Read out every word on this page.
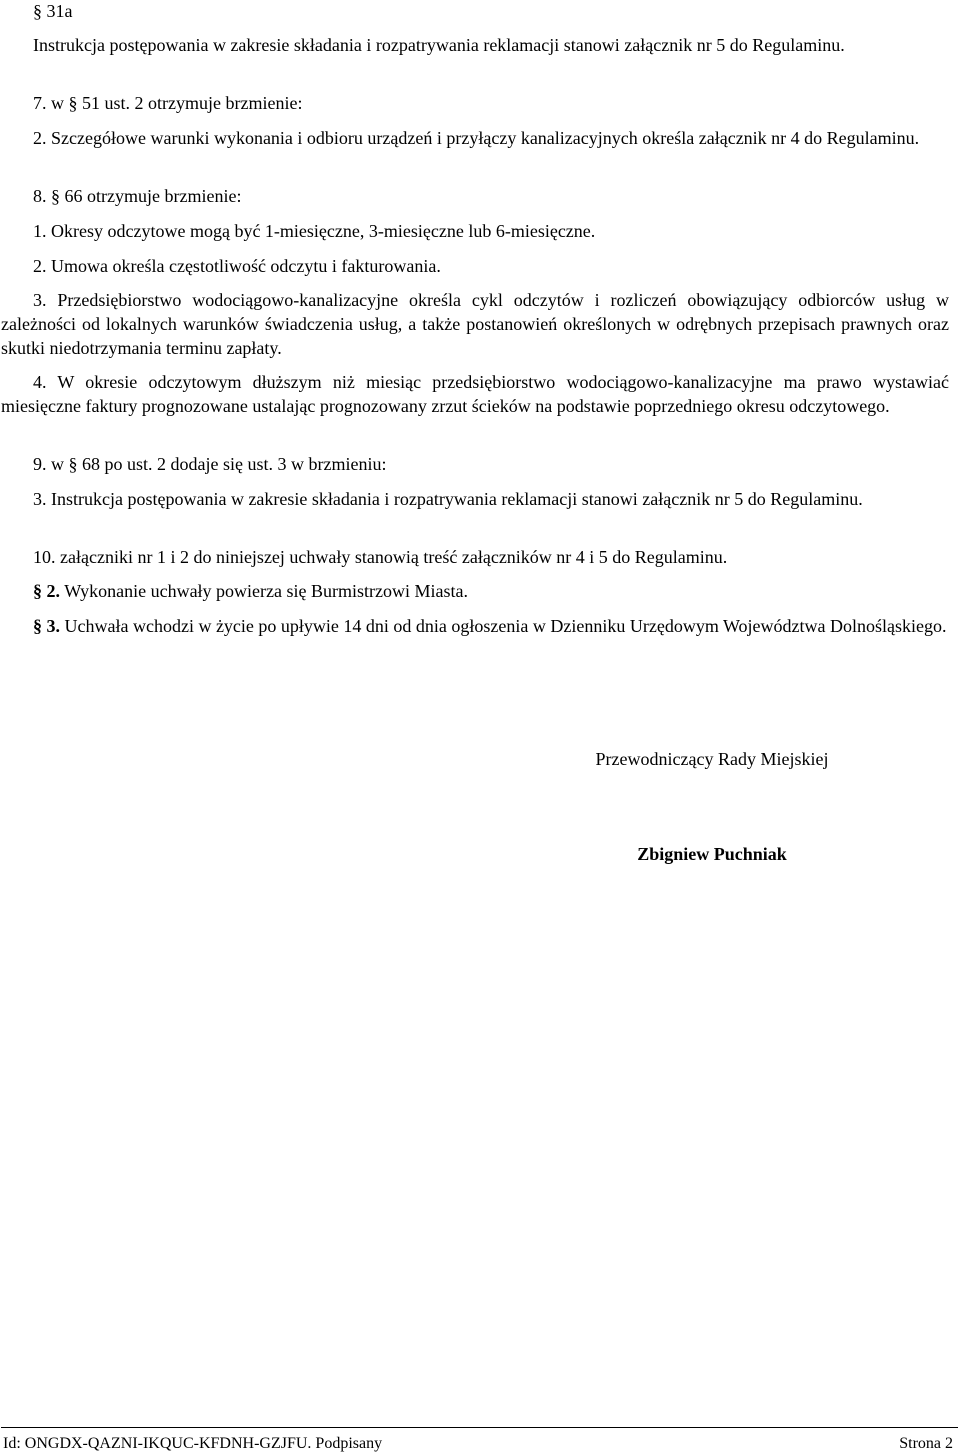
§ 31a

Instrukcja postępowania w zakresie składania i rozpatrywania reklamacji stanowi załącznik nr 5 do Regulaminu.

7. w § 51 ust. 2 otrzymuje brzmienie:

2. Szczegółowe warunki wykonania i odbioru urządzeń i przyłączy kanalizacyjnych określa załącznik nr 4 do Regulaminu.

8. § 66 otrzymuje brzmienie:

1. Okresy odczytowe mogą być 1-miesięczne, 3-miesięczne lub 6-miesięczne.

2. Umowa określa częstotliwość odczytu i fakturowania.

3. Przedsiębiorstwo wodociągowo-kanalizacyjne określa cykl odczytów i rozliczeń obowiązujący odbiorców usług w zależności od lokalnych warunków świadczenia usług, a także postanowień określonych w odrębnych przepisach prawnych oraz skutki niedotrzymania terminu zapłaty.

4. W okresie odczytowym dłuższym niż miesiąc przedsiębiorstwo wodociągowo-kanalizacyjne ma prawo wystawiać miesięczne faktury prognozowane ustalając prognozowany zrzut ścieków na podstawie poprzedniego okresu odczytowego.

9. w § 68 po ust. 2 dodaje się ust. 3 w brzmieniu:

3. Instrukcja postępowania w zakresie składania i rozpatrywania reklamacji stanowi załącznik nr 5 do Regulaminu.

10. załączniki nr 1 i 2 do niniejszej uchwały stanowią treść załączników nr 4 i 5 do Regulaminu.

§ 2. Wykonanie uchwały powierza się Burmistrzowi Miasta.

§ 3. Uchwała wchodzi w życie po upływie 14 dni od dnia ogłoszenia w Dzienniku Urzędowym Województwa Dolnośląskiego.

Przewodniczący Rady Miejskiej

Zbigniew Puchniak

Id: ONGDX-QAZNI-IKQUC-KFDNH-GZJFU. Podpisany	Strona 2
